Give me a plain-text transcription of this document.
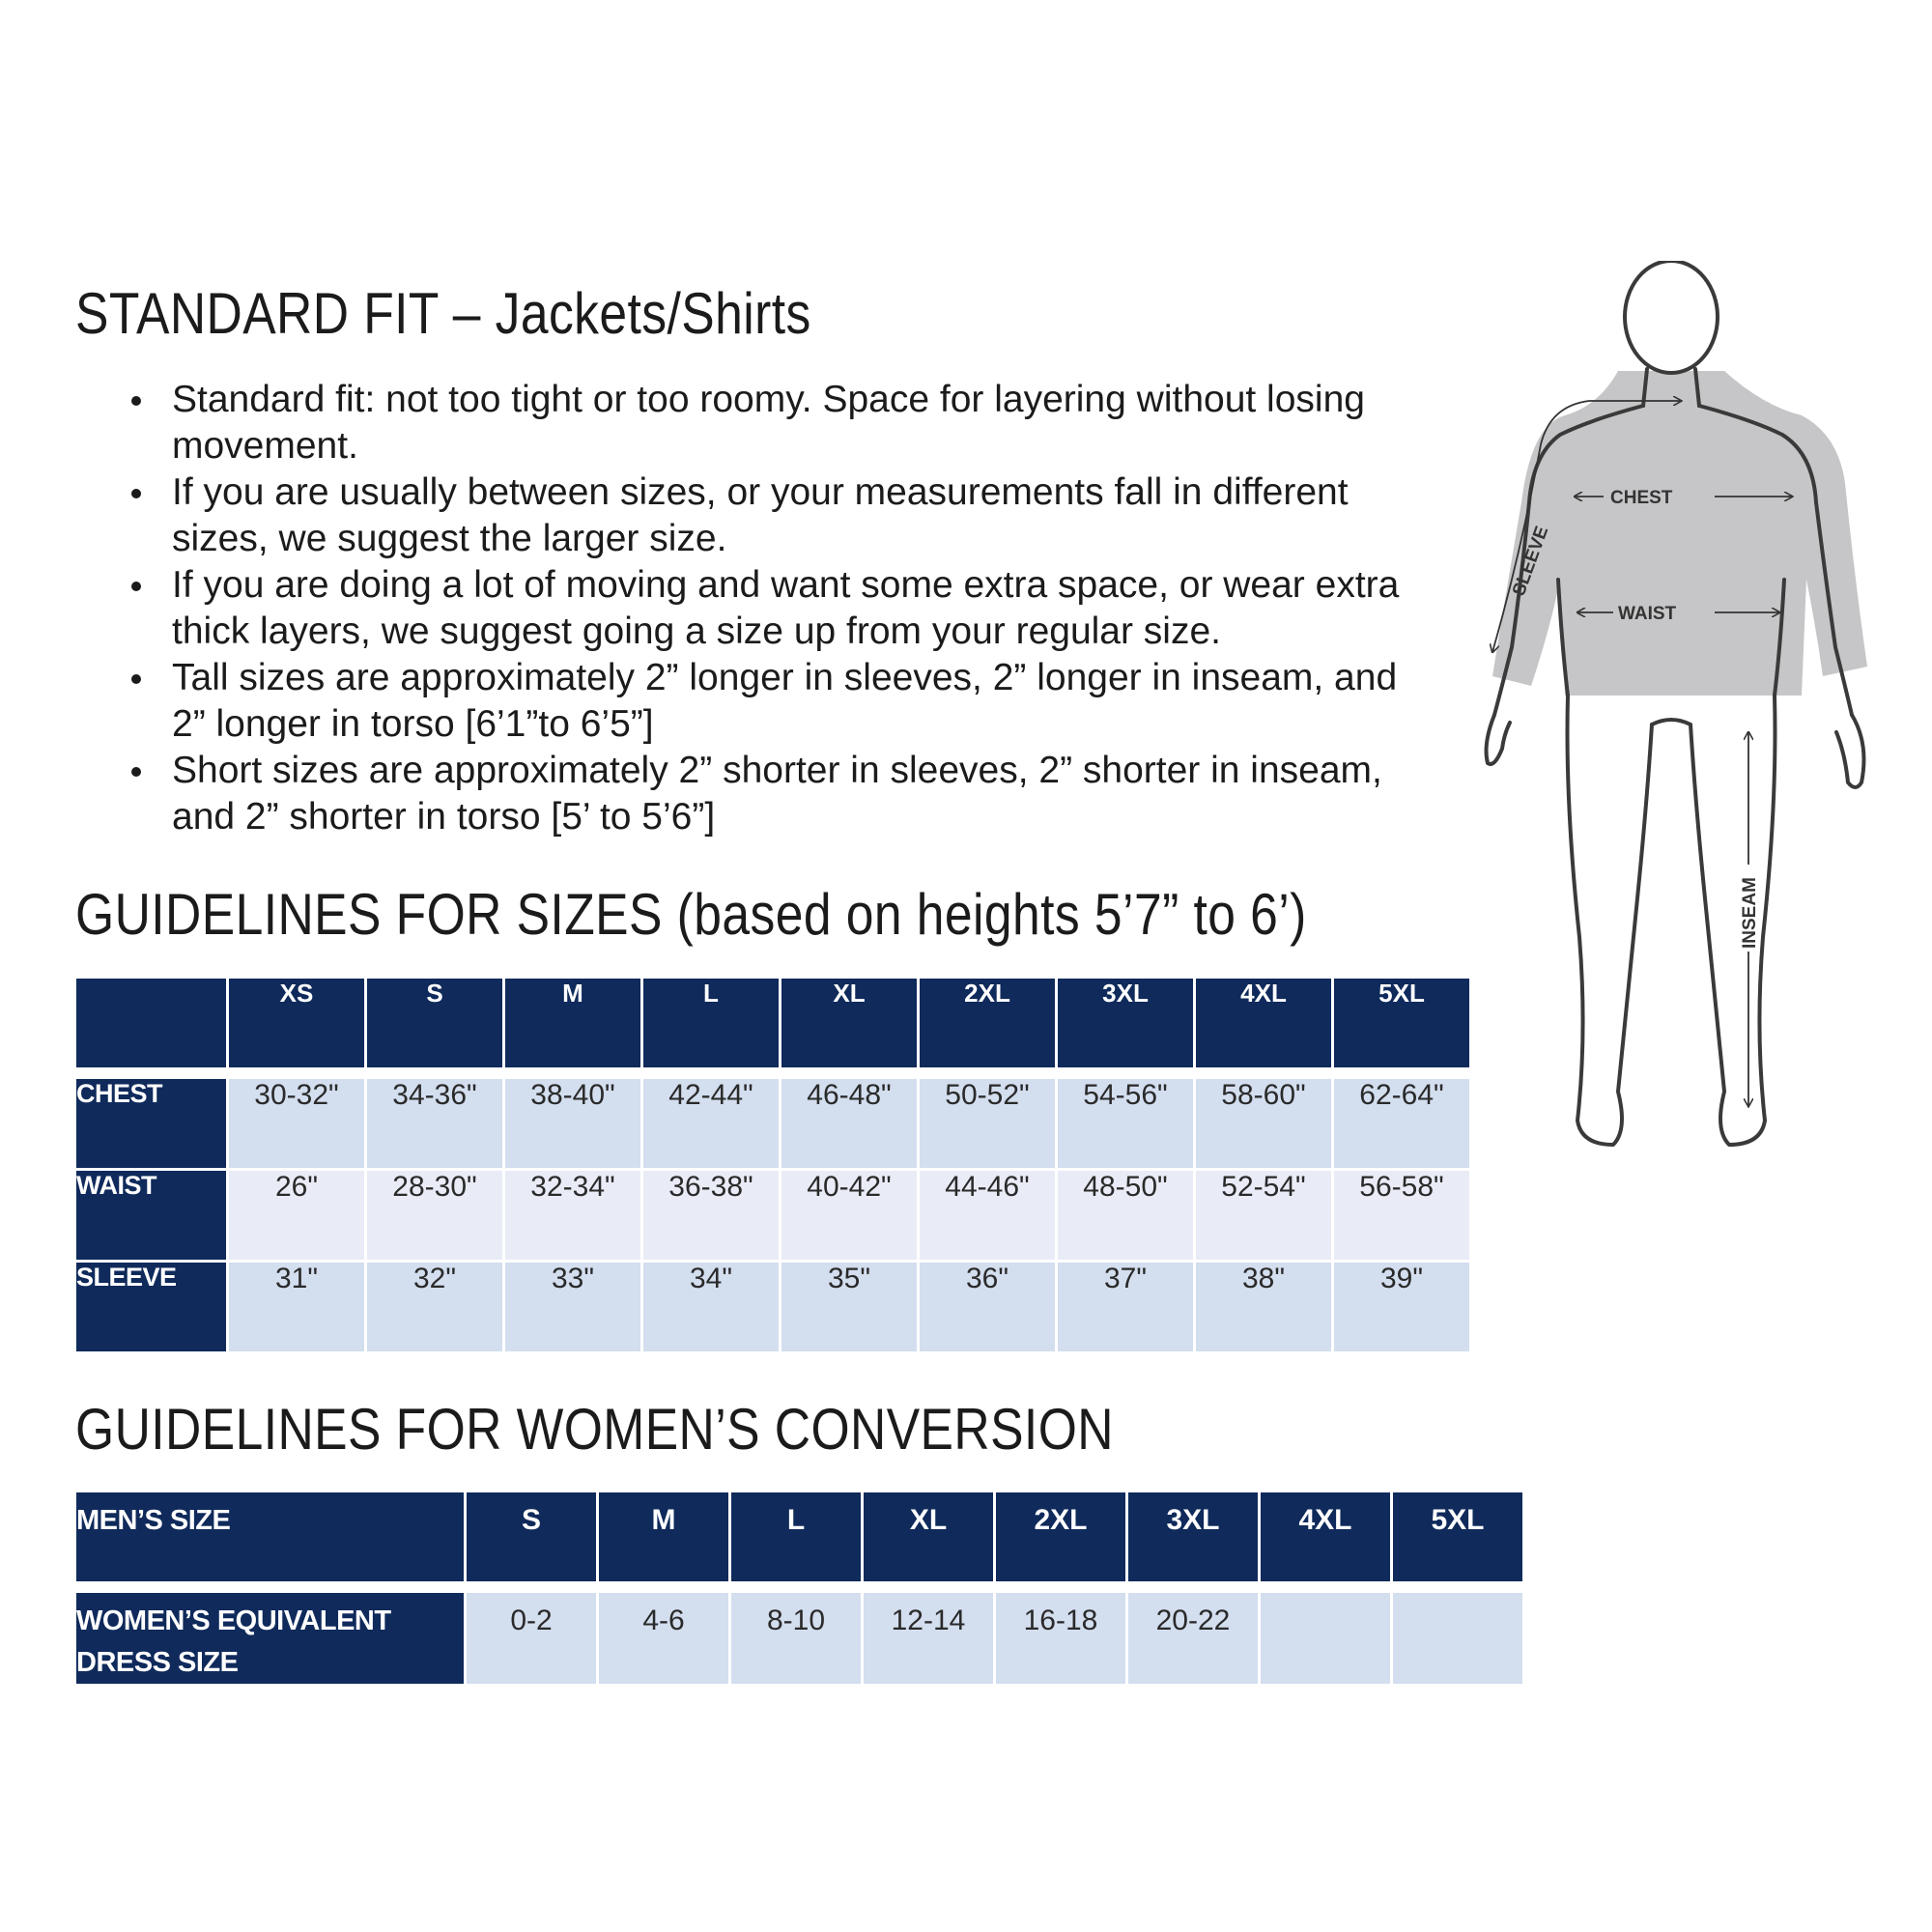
STANDARD FIT – Jackets/Shirts
Standard fit: not too tight or too roomy. Space for layering without losing movement.
If you are usually between sizes, or your measurements fall in different sizes, we suggest the larger size.
If you are doing a lot of moving and want some extra space, or wear extra thick layers, we suggest going a size up from your regular size.
Tall sizes are approximately 2” longer in sleeves, 2” longer in inseam, and 2” longer in torso [6’1”to 6’5”]
Short sizes are approximately 2” shorter in sleeves, 2” shorter in inseam, and 2” shorter in torso [5’ to 5’6”]
GUIDELINES FOR SIZES (based on heights 5’7” to 6’)
	XS	S	M	L	XL	2XL	3XL	4XL	5XL

CHEST	30-32"	34-36"	38-40"	42-44"	46-48"	50-52"	54-56"	58-60"	62-64"
WAIST	26"	28-30"	32-34"	36-38"	40-42"	44-46"	48-50"	52-54"	56-58"
SLEEVE	31"	32"	33"	34"	35"	36"	37"	38"	39"
GUIDELINES FOR WOMEN’S CONVERSION
MEN’S SIZE	S	M	L	XL	2XL	3XL	4XL	5XL

WOMEN’S EQUIVALENT
DRESS SIZE	0-2	4-6	8-10	12-14	16-18	20-22		
CHEST
WAIST
SLEEVE
INSEAM
